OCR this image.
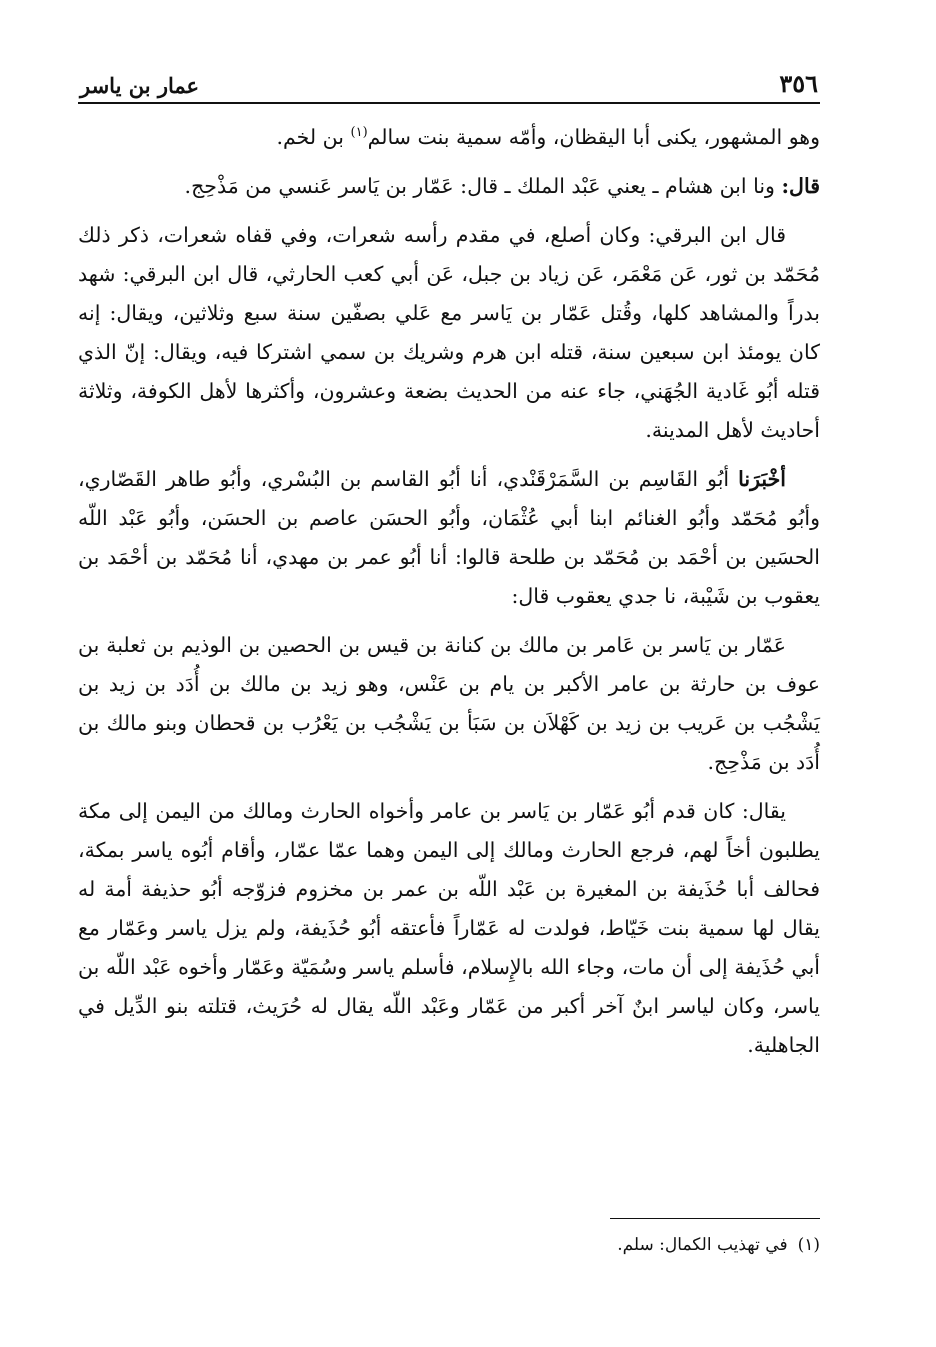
٣٥٦
عمار بن ياسر

وهو المشهور، يكنى أبا اليقظان، وأمّه سمية بنت سالم$^{(١)}$ بن لخم.

قال: ونا ابن هشام ـ يعني عَبْد الملك ـ قال: عَمّار بن يَاسر عَنسي من مَذْحِج.

قال ابن البرقي: وكان أصلع، في مقدم رأسه شعرات، وفي قفاه شعرات، ذكر ذلك مُحَمّد بن ثور، عَن مَعْمَر، عَن زياد بن جبل، عَن أبي كعب الحارثي، قال ابن البرقي: شهد بدراً والمشاهد كلها، وقُتل عَمّار بن يَاسر مع عَلي بصفّين سنة سبع وثلاثين، ويقال: إنه كان يومئذ ابن سبعين سنة، قتله ابن هرم وشريك بن سمي اشتركا فيه، ويقال: إنّ الذي قتله أبُو غَادية الجُهَني، جاء عنه من الحديث بضعة وعشرون، وأكثرها لأهل الكوفة، وثلاثة أحاديث لأهل المدينة.

أخْبَرَنا أبُو القَاسِم بن السَّمَرْقَنْدي، أنا أبُو القاسم بن البُسْري، وأبُو طاهر القَصّاري، وأبُو مُحَمّد وأبُو الغنائم ابنا أبي عُثْمَان، وأبُو الحسَن عاصم بن الحسَن، وأبُو عَبْد اللّه الحسَين بن أحْمَد بن مُحَمّد بن طلحة قالوا: أنا أبُو عمر بن مهدي، أنا مُحَمّد بن أحْمَد بن يعقوب بن شَيْبة، نا جدي يعقوب قال:

عَمّار بن يَاسر بن عَامر بن مالك بن كنانة بن قيس بن الحصين بن الوذيم بن ثعلبة بن عوف بن حارثة بن عامر الأكبر بن يام بن عَنْس، وهو زيد بن مالك بن أُدَد بن زيد بن يَشْجُب بن عَريب بن زيد بن كَهْلاَن بن سَبَأ بن يَشْجُب بن يَعْرُب بن قحطان وبنو مالك بن أُدَد بن مَذْحِج.

يقال: كان قدم أبُو عَمّار بن يَاسر بن عامر وأخواه الحارث ومالك من اليمن إلى مكة يطلبون أخاً لهم، فرجع الحارث ومالك إلى اليمن وهما عمّا عمّار، وأقام أبُوه ياسر بمكة، فحالف أبا حُذَيفة بن المغيرة بن عَبْد اللّه بن عمر بن مخزوم فزوّجه أبُو حذيفة أمة له يقال لها سمية بنت خَيّاط، فولدت له عَمّاراً فأعتقه أبُو حُذَيفة، ولم يزل ياسر وعَمّار مع أبي حُذَيفة إلى أن مات، وجاء الله بالإِسلام، فأسلم ياسر وسُمَيّة وعَمّار وأخوه عَبْد اللّه بن ياسر، وكان لياسر ابنٌ آخر أكبر من عَمّار وعَبْد اللّه يقال له حُرَيث، قتلته بنو الدِّيل في الجاهلية.

(١)في تهذيب الكمال: سلم.
